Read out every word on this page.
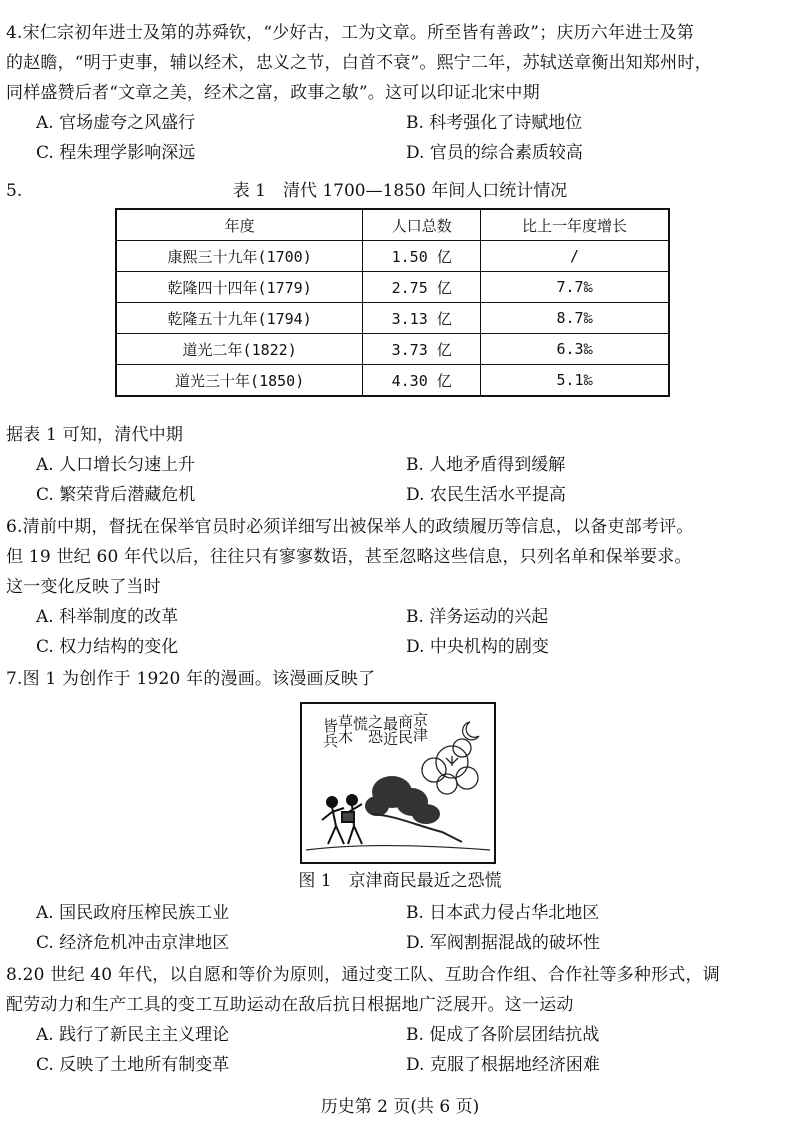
4.宋仁宗初年进士及第的苏舜钦，“少好古，工为文章。所至皆有善政”；庆历六年进士及第

的赵瞻，“明于吏事，辅以经术，忠义之节，白首不衰”。熙宁二年，苏轼送章衡出知郑州时，

同样盛赞后者“文章之美，经术之富，政事之敏”。这可以印证北宋中期

A. 官场虚夸之风盛行	B. 科考强化了诗赋地位
C. 程朱理学影响深远	D. 官员的综合素质较高
5.	表 1　清代 1700—1850 年间人口统计情况
年度	人口总数	比上一年度增长
康熙三十九年(1700)	1.50 亿	/
乾隆四十四年(1779)	2.75 亿	7.7‰
乾隆五十九年(1794)	3.13 亿	8.7‰
道光二年(1822)	3.73 亿	6.3‰
道光三十年(1850)	4.30 亿	5.1‰

据表 1 可知，清代中期

A. 人口增长匀速上升	B. 人地矛盾得到缓解
C. 繁荣背后潜藏危机	D. 农民生活水平提高

6.清前中期，督抚在保举官员时必须详细写出被保举人的政绩履历等信息，以备吏部考评。

但 19 世纪 60 年代以后，往往只有寥寥数语，甚至忽略这些信息，只列名单和保举要求。

这一变化反映了当时

A. 科举制度的改革	B. 洋务运动的兴起
C. 权力结构的变化	D. 中央机构的剧变

7.图 1 为创作于 1920 年的漫画。该漫画反映了

京津
商民
最近
之恐
慌
草木
皆兵
图 1　京津商民最近之恐慌
A. 国民政府压榨民族工业	B. 日本武力侵占华北地区
C. 经济危机冲击京津地区	D. 军阀割据混战的破坏性

8.20 世纪 40 年代，以自愿和等价为原则，通过变工队、互助合作组、合作社等多种形式，调

配劳动力和生产工具的变工互助运动在敌后抗日根据地广泛展开。这一运动

A. 践行了新民主主义理论	B. 促成了各阶层团结抗战
C. 反映了土地所有制变革	D. 克服了根据地经济困难
历史第 2 页(共 6 页)
